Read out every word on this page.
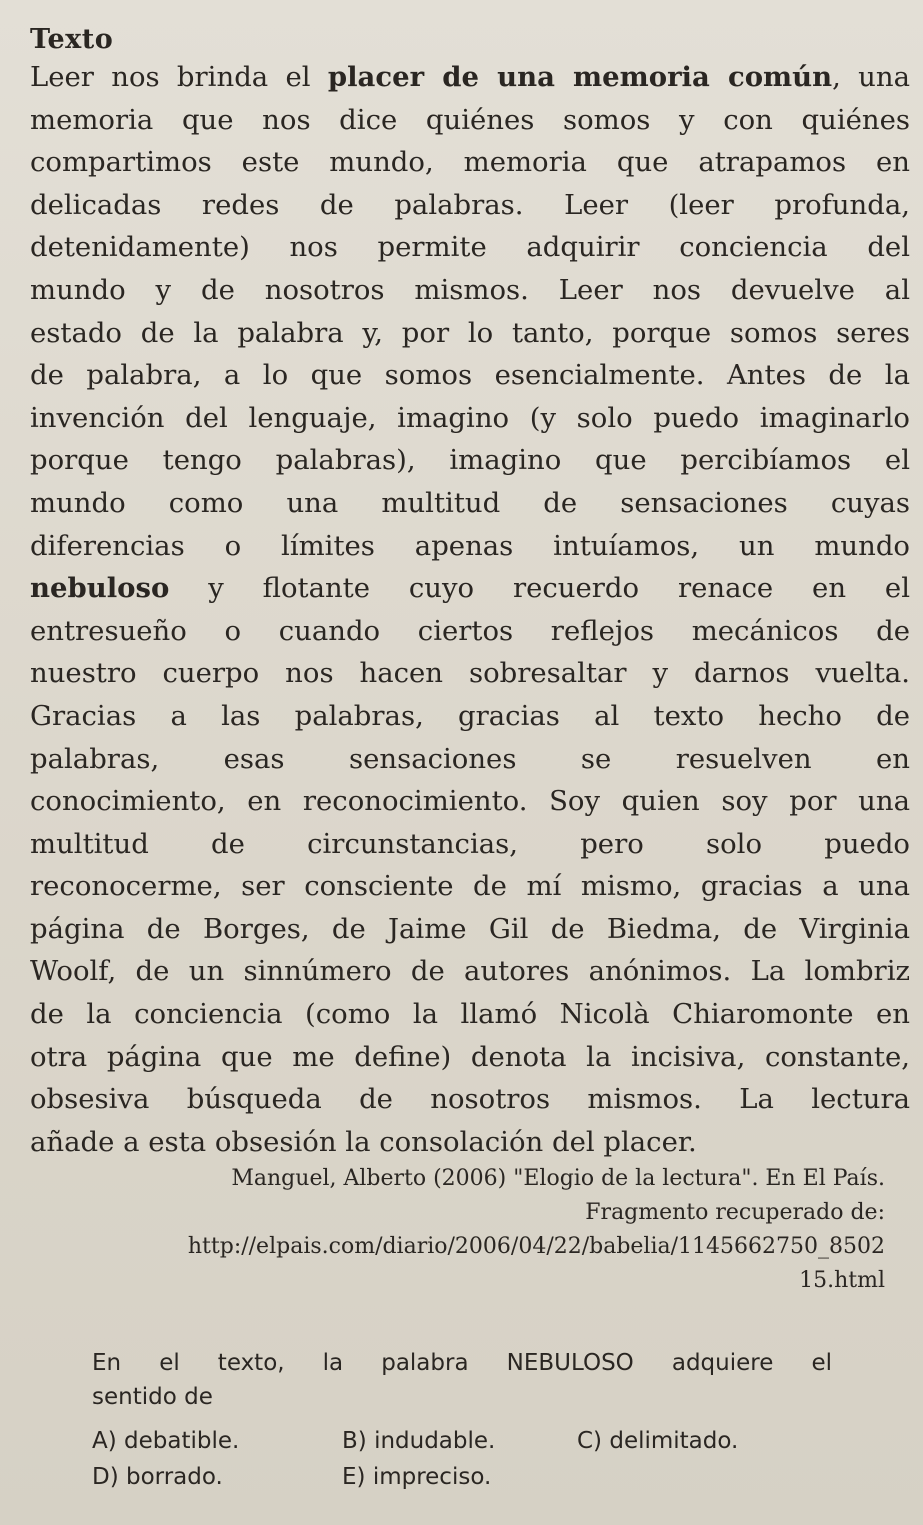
Texto
Leer nos brinda el placer de una memoria común, una
memoria que nos dice quiénes somos y con quiénes
compartimos este mundo, memoria que atrapamos en
delicadas redes de palabras. Leer (leer profunda,
detenidamente) nos permite adquirir conciencia del
mundo y de nosotros mismos. Leer nos devuelve al
estado de la palabra y, por lo tanto, porque somos seres
de palabra, a lo que somos esencialmente. Antes de la
invención del lenguaje, imagino (y solo puedo imaginarlo
porque tengo palabras), imagino que percibíamos el
mundo como una multitud de sensaciones cuyas
diferencias o límites apenas intuíamos, un mundo
nebuloso y flotante cuyo recuerdo renace en el
entresueño o cuando ciertos reflejos mecánicos de
nuestro cuerpo nos hacen sobresaltar y darnos vuelta.
Gracias a las palabras, gracias al texto hecho de
palabras, esas sensaciones se resuelven en
conocimiento, en reconocimiento. Soy quien soy por una
multitud de circunstancias, pero solo puedo
reconocerme, ser consciente de mí mismo, gracias a una
página de Borges, de Jaime Gil de Biedma, de Virginia
Woolf, de un sinnúmero de autores anónimos. La lombriz
de la conciencia (como la llamó Nicolà Chiaromonte en
otra página que me define) denota la incisiva, constante,
obsesiva búsqueda de nosotros mismos. La lectura
añade a esta obsesión la consolación del placer.
Manguel, Alberto (2006) "Elogio de la lectura". En El País.
Fragmento recuperado de:
http://elpais.com/diario/2006/04/22/babelia/1145662750_8502
15.html
En el texto, la palabra NEBULOSO adquiere el
sentido de
A) debatible.	B) indudable.	C) delimitado.
D) borrado.	E) impreciso.
